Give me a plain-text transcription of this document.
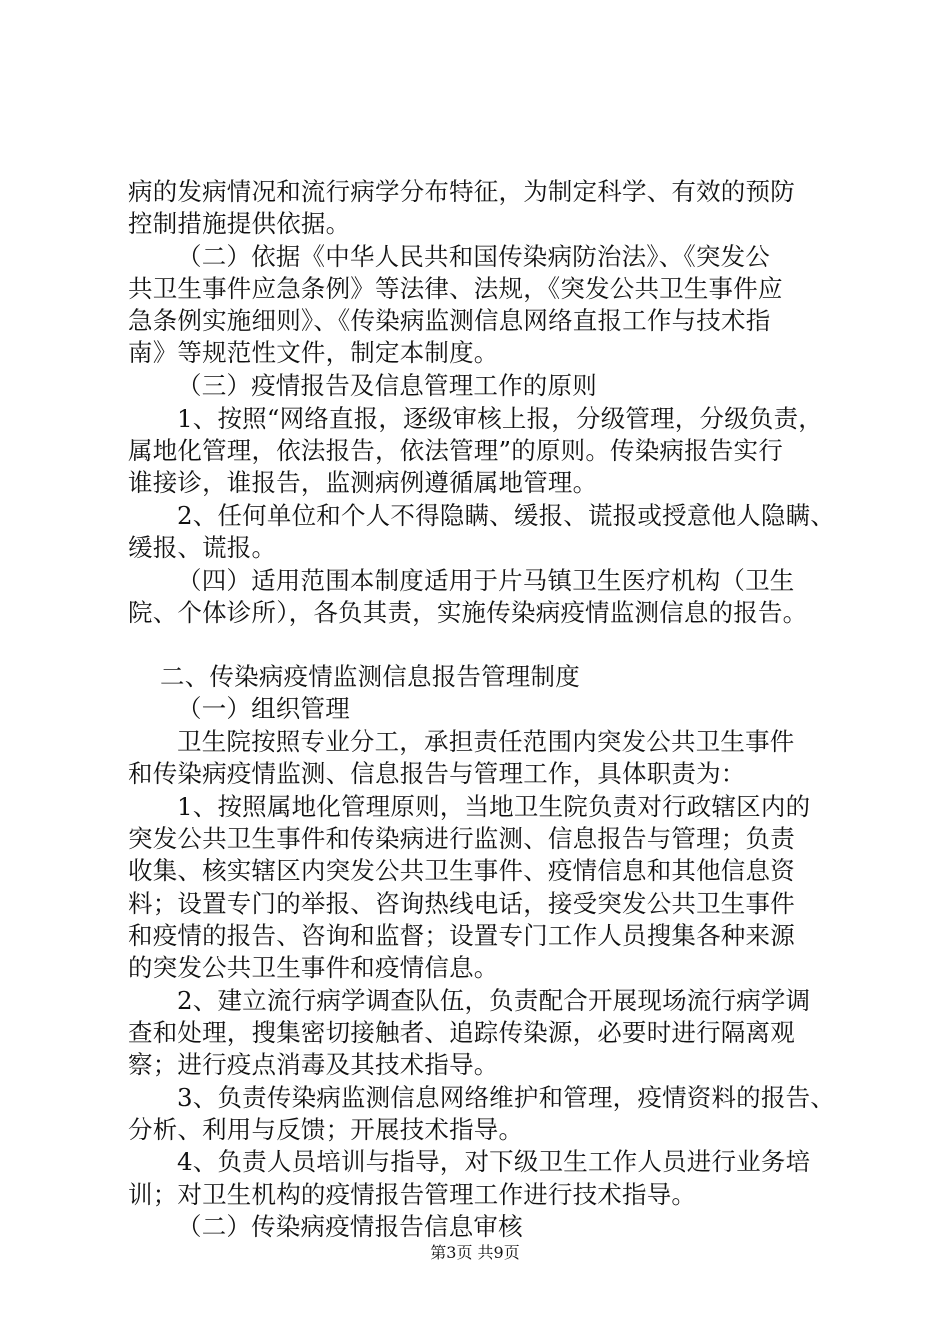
病的发病情况和流行病学分布特征，为制定科学、有效的预防
控制措施提供依据。
（二）依据《中华人民共和国传染病防治法》、《突发公
共卫生事件应急条例》等法律、法规，《突发公共卫生事件应
急条例实施细则》、《传染病监测信息网络直报工作与技术指
南》等规范性文件，制定本制度。
（三）疫情报告及信息管理工作的原则
1、按照“网络直报，逐级审核上报，分级管理，分级负责，
属地化管理，依法报告，依法管理”的原则。传染病报告实行
谁接诊，谁报告，监测病例遵循属地管理。
2、任何单位和个人不得隐瞒、缓报、谎报或授意他人隐瞒、
缓报、谎报。
（四）适用范围本制度适用于片马镇卫生医疗机构（卫生
院、个体诊所），各负其责，实施传染病疫情监测信息的报告。
二、传染病疫情监测信息报告管理制度
（一）组织管理
卫生院按照专业分工，承担责任范围内突发公共卫生事件
和传染病疫情监测、信息报告与管理工作，具体职责为：
1、按照属地化管理原则，当地卫生院负责对行政辖区内的
突发公共卫生事件和传染病进行监测、信息报告与管理；负责
收集、核实辖区内突发公共卫生事件、疫情信息和其他信息资
料；设置专门的举报、咨询热线电话，接受突发公共卫生事件
和疫情的报告、咨询和监督；设置专门工作人员搜集各种来源
的突发公共卫生事件和疫情信息。
2、建立流行病学调查队伍，负责配合开展现场流行病学调
查和处理，搜集密切接触者、追踪传染源，必要时进行隔离观
察；进行疫点消毒及其技术指导。
3、负责传染病监测信息网络维护和管理，疫情资料的报告、
分析、利用与反馈；开展技术指导。
4、负责人员培训与指导，对下级卫生工作人员进行业务培
训；对卫生机构的疫情报告管理工作进行技术指导。
（二）传染病疫情报告信息审核
第3页 共9页
